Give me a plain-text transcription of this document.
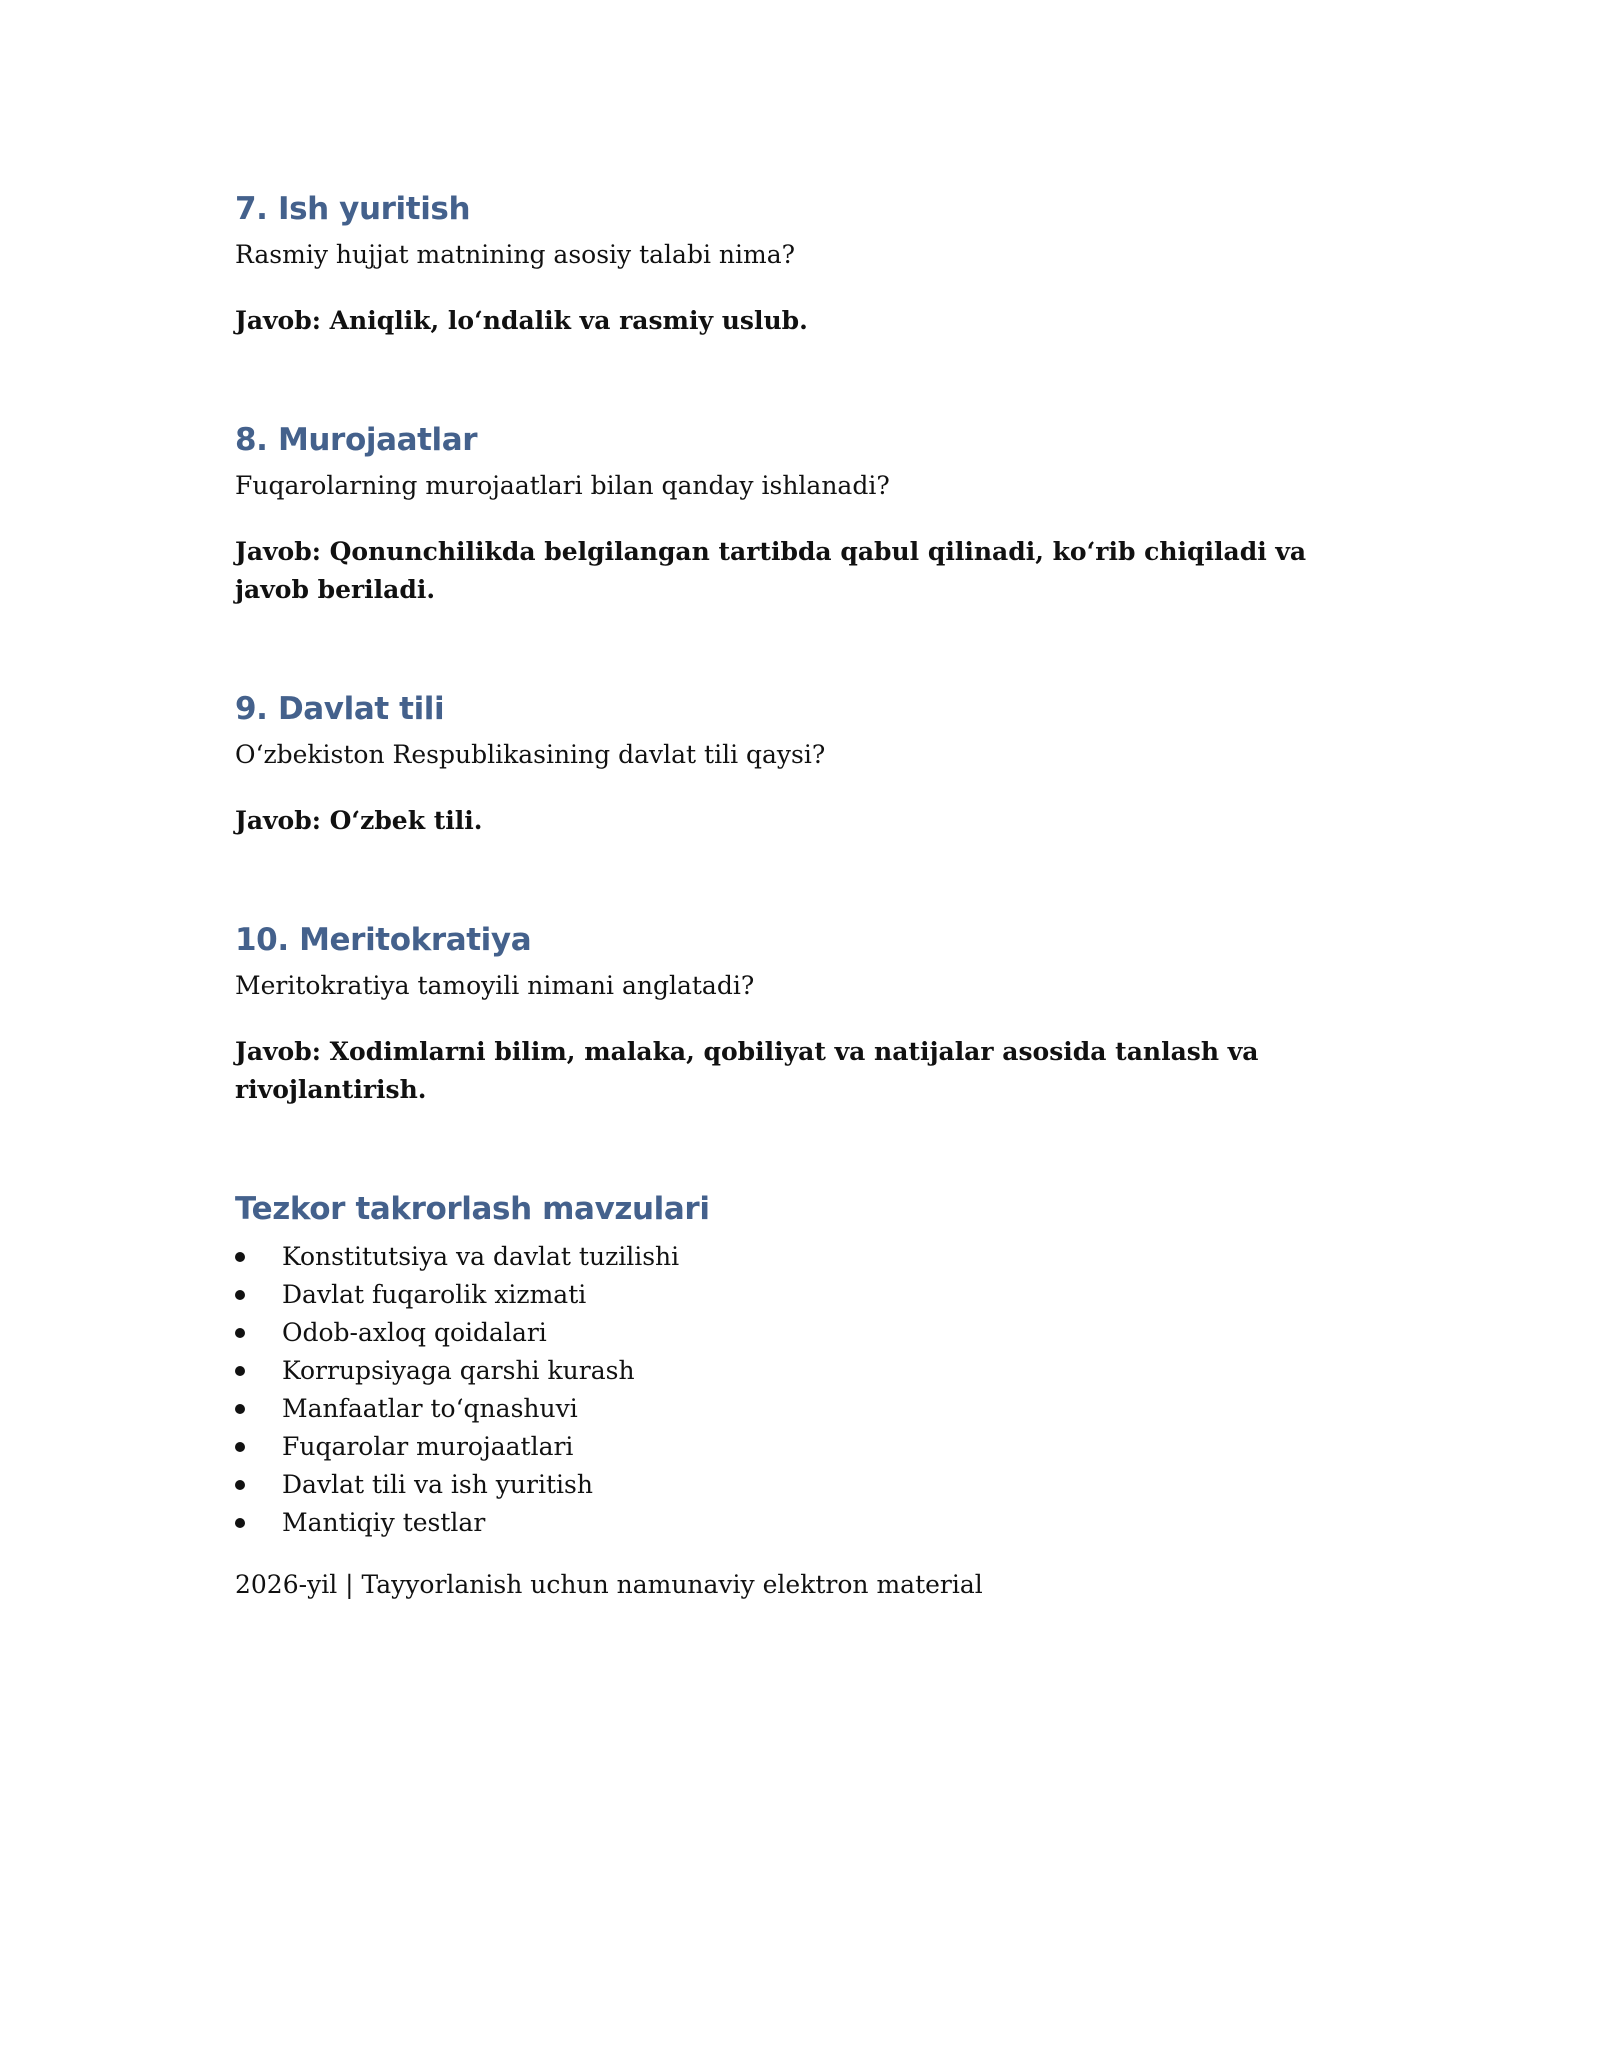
7. Ish yuritish

Rasmiy hujjat matnining asosiy talabi nima?

Javob: Aniqlik, lo‘ndalik va rasmiy uslub.

8. Murojaatlar

Fuqarolarning murojaatlari bilan qanday ishlanadi?

Javob: Qonunchilikda belgilangan tartibda qabul qilinadi, ko‘rib chiqiladi va javob beriladi.

9. Davlat tili

O‘zbekiston Respublikasining davlat tili qaysi?

Javob: O‘zbek tili.

10. Meritokratiya

Meritokratiya tamoyili nimani anglatadi?

Javob: Xodimlarni bilim, malaka, qobiliyat va natijalar asosida tanlash va rivojlantirish.

Tezkor takrorlash mavzulari
Konstitutsiya va davlat tuzilishi
Davlat fuqarolik xizmati
Odob-axloq qoidalari
Korrupsiyaga qarshi kurash
Manfaatlar to‘qnashuvi
Fuqarolar murojaatlari
Davlat tili va ish yuritish
Mantiqiy testlar

2026-yil | Tayyorlanish uchun namunaviy elektron material
